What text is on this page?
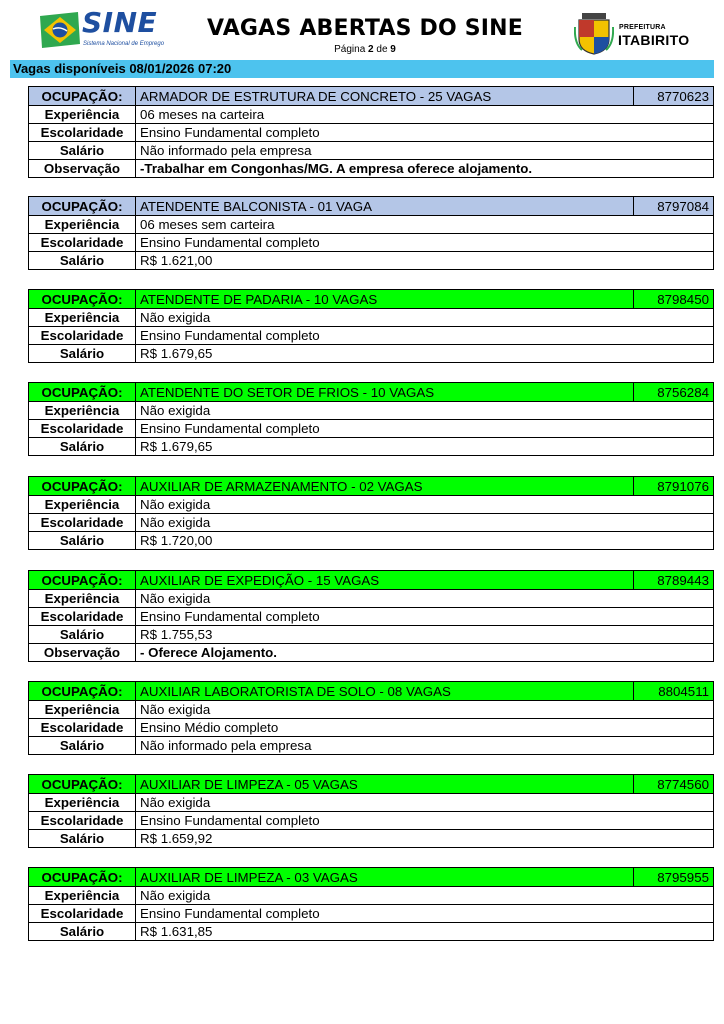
SINE
Sistema Nacional de Emprego
VAGAS ABERTAS DO SINE
Página 2 de 9
PREFEITURA
ITABIRITO
Vagas disponíveis 08/01/2026 07:20
OCUPAÇÃO:	ARMADOR DE ESTRUTURA DE CONCRETO - 25 VAGAS	8770623
Experiência	06 meses na carteira	
Escolaridade	Ensino Fundamental completo	
Salário	Não informado pela empresa	
Observação	-Trabalhar em Congonhas/MG. A empresa oferece alojamento.	
OCUPAÇÃO:	ATENDENTE BALCONISTA - 01 VAGA	8797084
Experiência	06 meses sem carteira	
Escolaridade	Ensino Fundamental completo	
Salário	R$ 1.621,00	
OCUPAÇÃO:	ATENDENTE DE PADARIA - 10 VAGAS	8798450
Experiência	Não exigida	
Escolaridade	Ensino Fundamental completo	
Salário	R$ 1.679,65	
OCUPAÇÃO:	ATENDENTE DO SETOR DE FRIOS - 10 VAGAS	8756284
Experiência	Não exigida	
Escolaridade	Ensino Fundamental completo	
Salário	R$ 1.679,65	
OCUPAÇÃO:	AUXILIAR DE ARMAZENAMENTO - 02 VAGAS	8791076
Experiência	Não exigida	
Escolaridade	Não exigida	
Salário	R$ 1.720,00	
OCUPAÇÃO:	AUXILIAR DE EXPEDIÇÃO - 15 VAGAS	8789443
Experiência	Não exigida	
Escolaridade	Ensino Fundamental completo	
Salário	R$ 1.755,53	
Observação	- Oferece Alojamento.	
OCUPAÇÃO:	AUXILIAR LABORATORISTA DE SOLO - 08 VAGAS	8804511
Experiência	Não exigida	
Escolaridade	Ensino Médio completo	
Salário	Não informado pela empresa	
OCUPAÇÃO:	AUXILIAR DE LIMPEZA - 05 VAGAS	8774560
Experiência	Não exigida	
Escolaridade	Ensino Fundamental completo	
Salário	R$ 1.659,92	
OCUPAÇÃO:	AUXILIAR DE LIMPEZA - 03 VAGAS	8795955
Experiência	Não exigida	
Escolaridade	Ensino Fundamental completo	
Salário	R$ 1.631,85	
